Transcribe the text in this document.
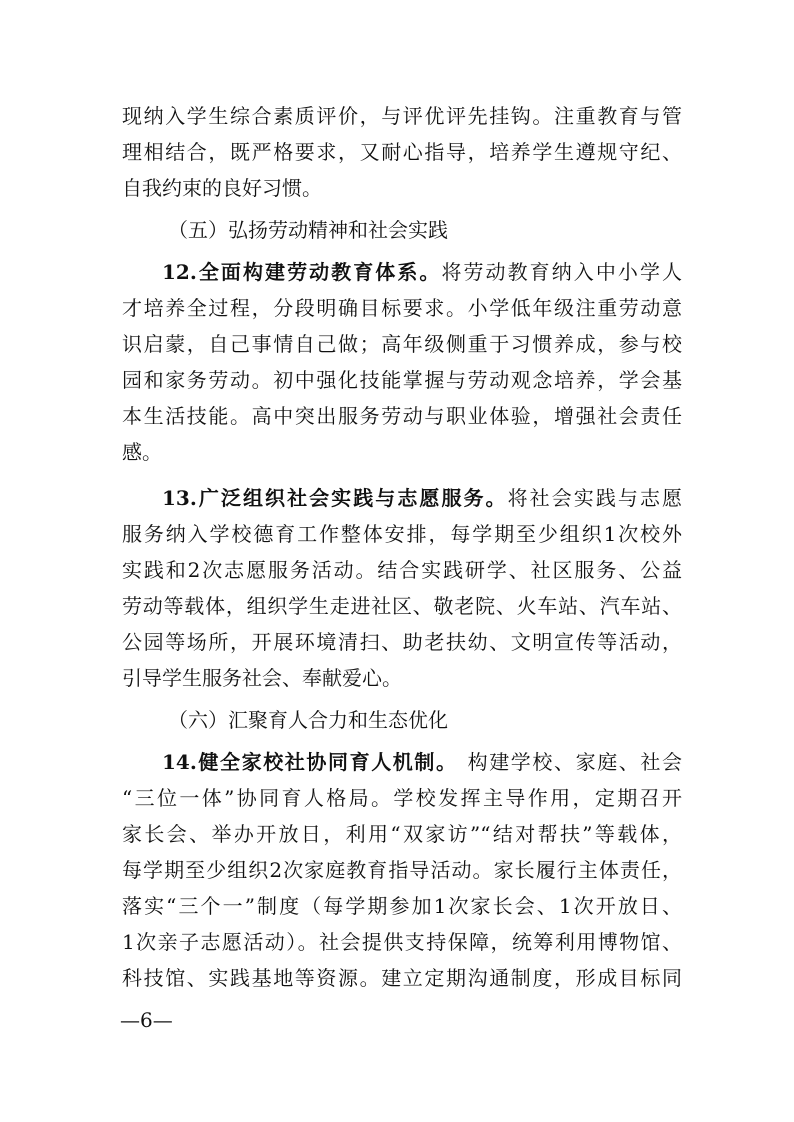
现纳入学生综合素质评价，与评优评先挂钩。注重教育与管
理相结合，既严格要求，又耐心指导，培养学生遵规守纪、
自我约束的良好习惯。
（五）弘扬劳动精神和社会实践
12.全面构建劳动教育体系。将劳动教育纳入中小学人
才培养全过程，分段明确目标要求。小学低年级注重劳动意
识启蒙，自己事情自己做；高年级侧重于习惯养成，参与校
园和家务劳动。初中强化技能掌握与劳动观念培养，学会基
本生活技能。高中突出服务劳动与职业体验，增强社会责任
感。
13.广泛组织社会实践与志愿服务。将社会实践与志愿
服务纳入学校德育工作整体安排，每学期至少组织1次校外
实践和2次志愿服务活动。结合实践研学、社区服务、公益
劳动等载体，组织学生走进社区、敬老院、火车站、汽车站、
公园等场所，开展环境清扫、助老扶幼、文明宣传等活动，
引导学生服务社会、奉献爱心。
（六）汇聚育人合力和生态优化
14.健全家校社协同育人机制。 构建学校、家庭、社会
“三位一体”协同育人格局。学校发挥主导作用，定期召开
家长会、举办开放日，利用“双家访”“结对帮扶”等载体，
每学期至少组织2次家庭教育指导活动。家长履行主体责任，
落实“三个一”制度（每学期参加1次家长会、1次开放日、
1次亲子志愿活动）。社会提供支持保障，统筹利用博物馆、
科技馆、实践基地等资源。建立定期沟通制度，形成目标同
—6—
